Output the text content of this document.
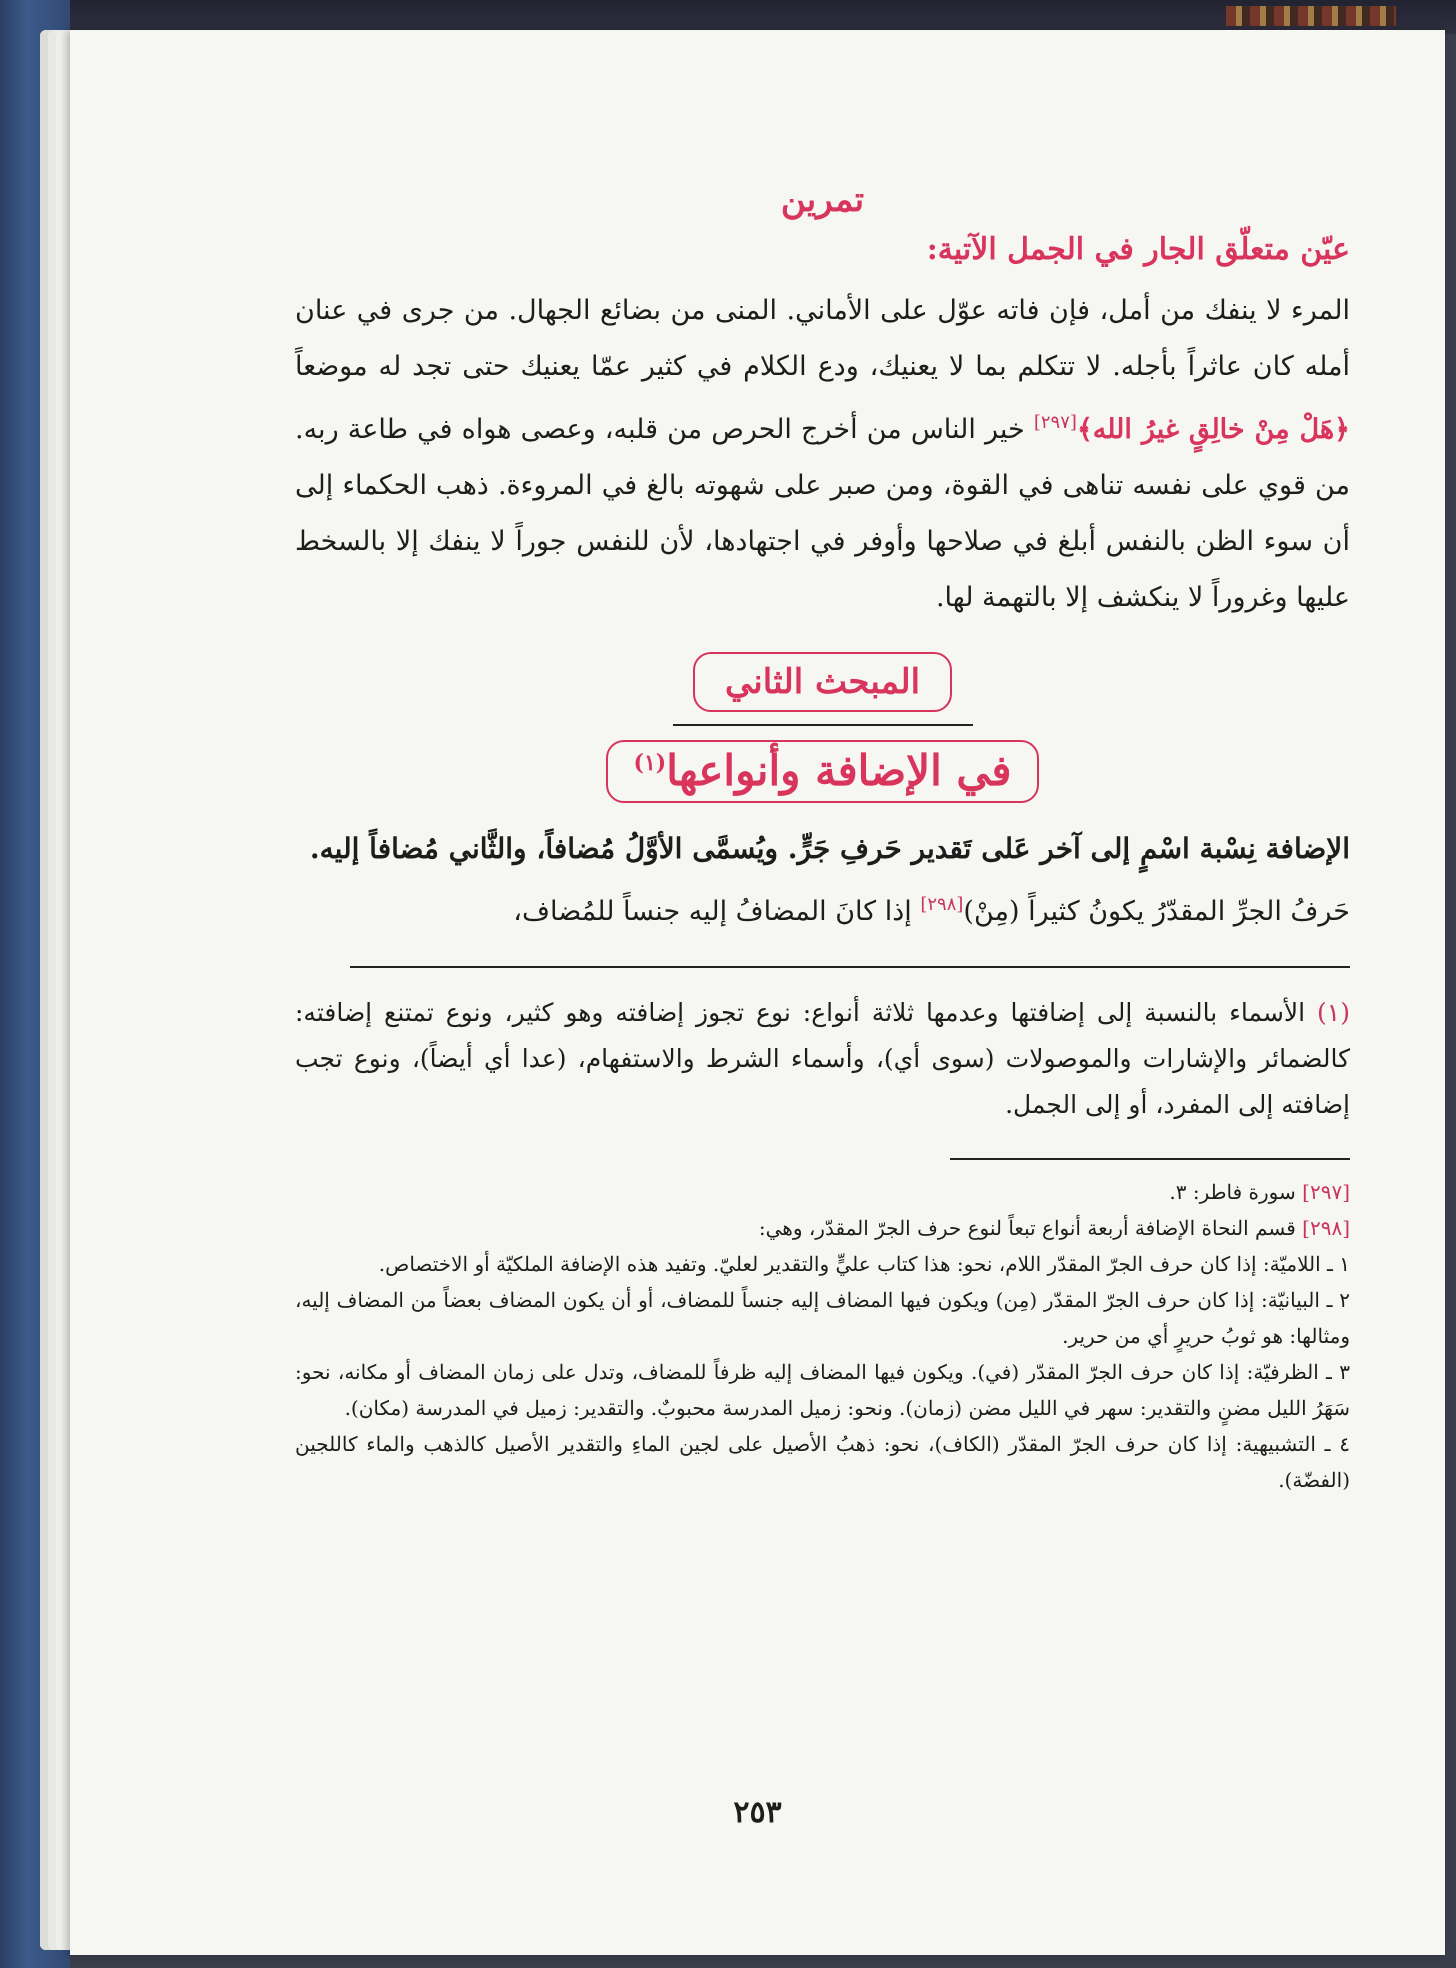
تمرين
عيّن متعلّق الجار في الجمل الآتية:

المرء لا ينفك من أمل، فإن فاته عوّل على الأماني. المنى من بضائع الجهال. من جرى في عنان أمله كان عاثراً بأجله. لا تتكلم بما لا يعنيك، ودع الكلام في كثير عمّا يعنيك حتى تجد له موضعاً ﴿هَلْ مِنْ خالِقٍ غيرُ الله﴾[٢٩٧] خير الناس من أخرج الحرص من قلبه، وعصى هواه في طاعة ربه. من قوي على نفسه تناهى في القوة، ومن صبر على شهوته بالغ في المروءة. ذهب الحكماء إلى أن سوء الظن بالنفس أبلغ في صلاحها وأوفر في اجتهادها، لأن للنفس جوراً لا ينفك إلا بالسخط عليها وغروراً لا ينكشف إلا بالتهمة لها.

المبحث الثاني
في الإضافة وأنواعها$^{(١)}$

الإضافة نِسْبة اسْمٍ إلى آخر عَلى تَقدير حَرفِ جَرٍّ. ويُسمَّى الأوَّلُ مُضافاً، والثَّاني مُضافاً إليه.

حَرفُ الجرِّ المقدّرُ يكونُ كثيراً (مِنْ)[٢٩٨] إذا كانَ المضافُ إليه جنساً للمُضاف،

(١) الأسماء بالنسبة إلى إضافتها وعدمها ثلاثة أنواع: نوع تجوز إضافته وهو كثير، ونوع تمتنع إضافته: كالضمائر والإشارات والموصولات (سوى أي)، وأسماء الشرط والاستفهام، (عدا أي أيضاً)، ونوع تجب إضافته إلى المفرد، أو إلى الجمل.

[٢٩٧] سورة فاطر: ٣.

[٢٩٨] قسم النحاة الإضافة أربعة أنواع تبعاً لنوع حرف الجرّ المقدّر، وهي:

١ ـ اللاميّة: إذا كان حرف الجرّ المقدّر اللام، نحو: هذا كتاب عليٍّ والتقدير لعليّ. وتفيد هذه الإضافة الملكيّة أو الاختصاص.

٢ ـ البيانيّة: إذا كان حرف الجرّ المقدّر (مِن) ويكون فيها المضاف إليه جنساً للمضاف، أو أن يكون المضاف بعضاً من المضاف إليه، ومثالها: هو ثوبُ حريرٍ أي من حرير.

٣ ـ الظرفيّة: إذا كان حرف الجرّ المقدّر (في). ويكون فيها المضاف إليه ظرفاً للمضاف، وتدل على زمان المضاف أو مكانه، نحو: سَهَرُ الليل مضنٍ والتقدير: سهر في الليل مضن (زمان). ونحو: زميل المدرسة محبوبٌ. والتقدير: زميل في المدرسة (مكان).

٤ ـ التشبيهية: إذا كان حرف الجرّ المقدّر (الكاف)، نحو: ذهبُ الأصيل على لجين الماءِ والتقدير الأصيل كالذهب والماء كاللجين (الفضّة).

٢٥٣
